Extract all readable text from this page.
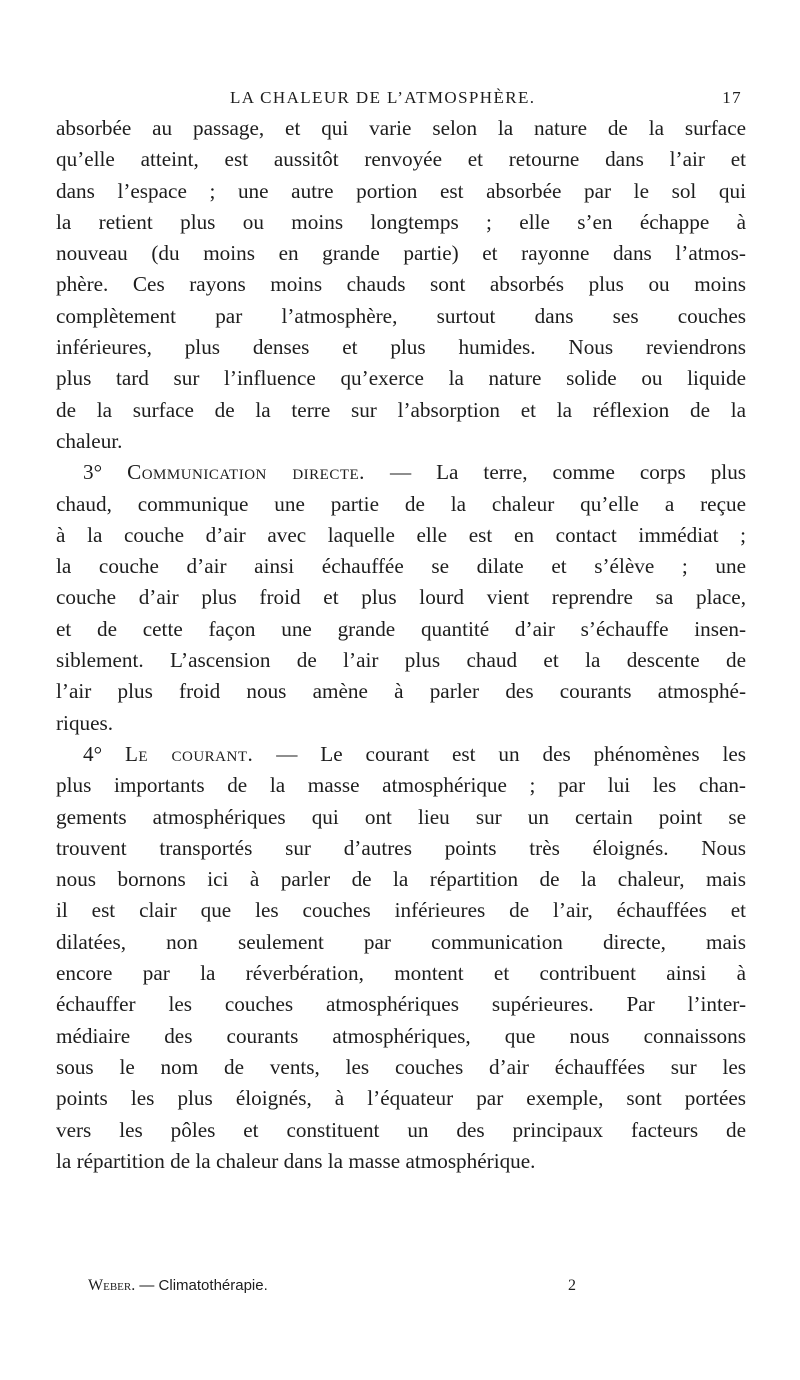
LA CHALEUR DE L’ATMOSPHÈRE.	17
absorbée au passage, et qui varie selon la nature de la surface
qu’elle atteint, est aussitôt renvoyée et retourne dans l’air et
dans l’espace ; une autre portion est absorbée par le sol qui
la retient plus ou moins longtemps ; elle s’en échappe à
nouveau (du moins en grande partie) et rayonne dans l’atmos-
phère. Ces rayons moins chauds sont absorbés plus ou moins
complètement par l’atmosphère, surtout dans ses couches
inférieures, plus denses et plus humides. Nous reviendrons
plus tard sur l’influence qu’exerce la nature solide ou liquide
de la surface de la terre sur l’absorption et la réflexion de la
chaleur.
3° Communication directe. — La terre, comme corps plus
chaud, communique une partie de la chaleur qu’elle a reçue
à la couche d’air avec laquelle elle est en contact immédiat ;
la couche d’air ainsi échauffée se dilate et s’élève ; une
couche d’air plus froid et plus lourd vient reprendre sa place,
et de cette façon une grande quantité d’air s’échauffe insen-
siblement. L’ascension de l’air plus chaud et la descente de
l’air plus froid nous amène à parler des courants atmosphé-
riques.
4° Le courant. — Le courant est un des phénomènes les
plus importants de la masse atmosphérique ; par lui les chan-
gements atmosphériques qui ont lieu sur un certain point se
trouvent transportés sur d’autres points très éloignés. Nous
nous bornons ici à parler de la répartition de la chaleur, mais
il est clair que les couches inférieures de l’air, échauffées et
dilatées, non seulement par communication directe, mais
encore par la réverbération, montent et contribuent ainsi à
échauffer les couches atmosphériques supérieures. Par l’inter-
médiaire des courants atmosphériques, que nous connaissons
sous le nom de vents, les couches d’air échauffées sur les
points les plus éloignés, à l’équateur par exemple, sont portées
vers les pôles et constituent un des principaux facteurs de
la répartition de la chaleur dans la masse atmosphérique.
Weber. — Climatothérapie.	2
